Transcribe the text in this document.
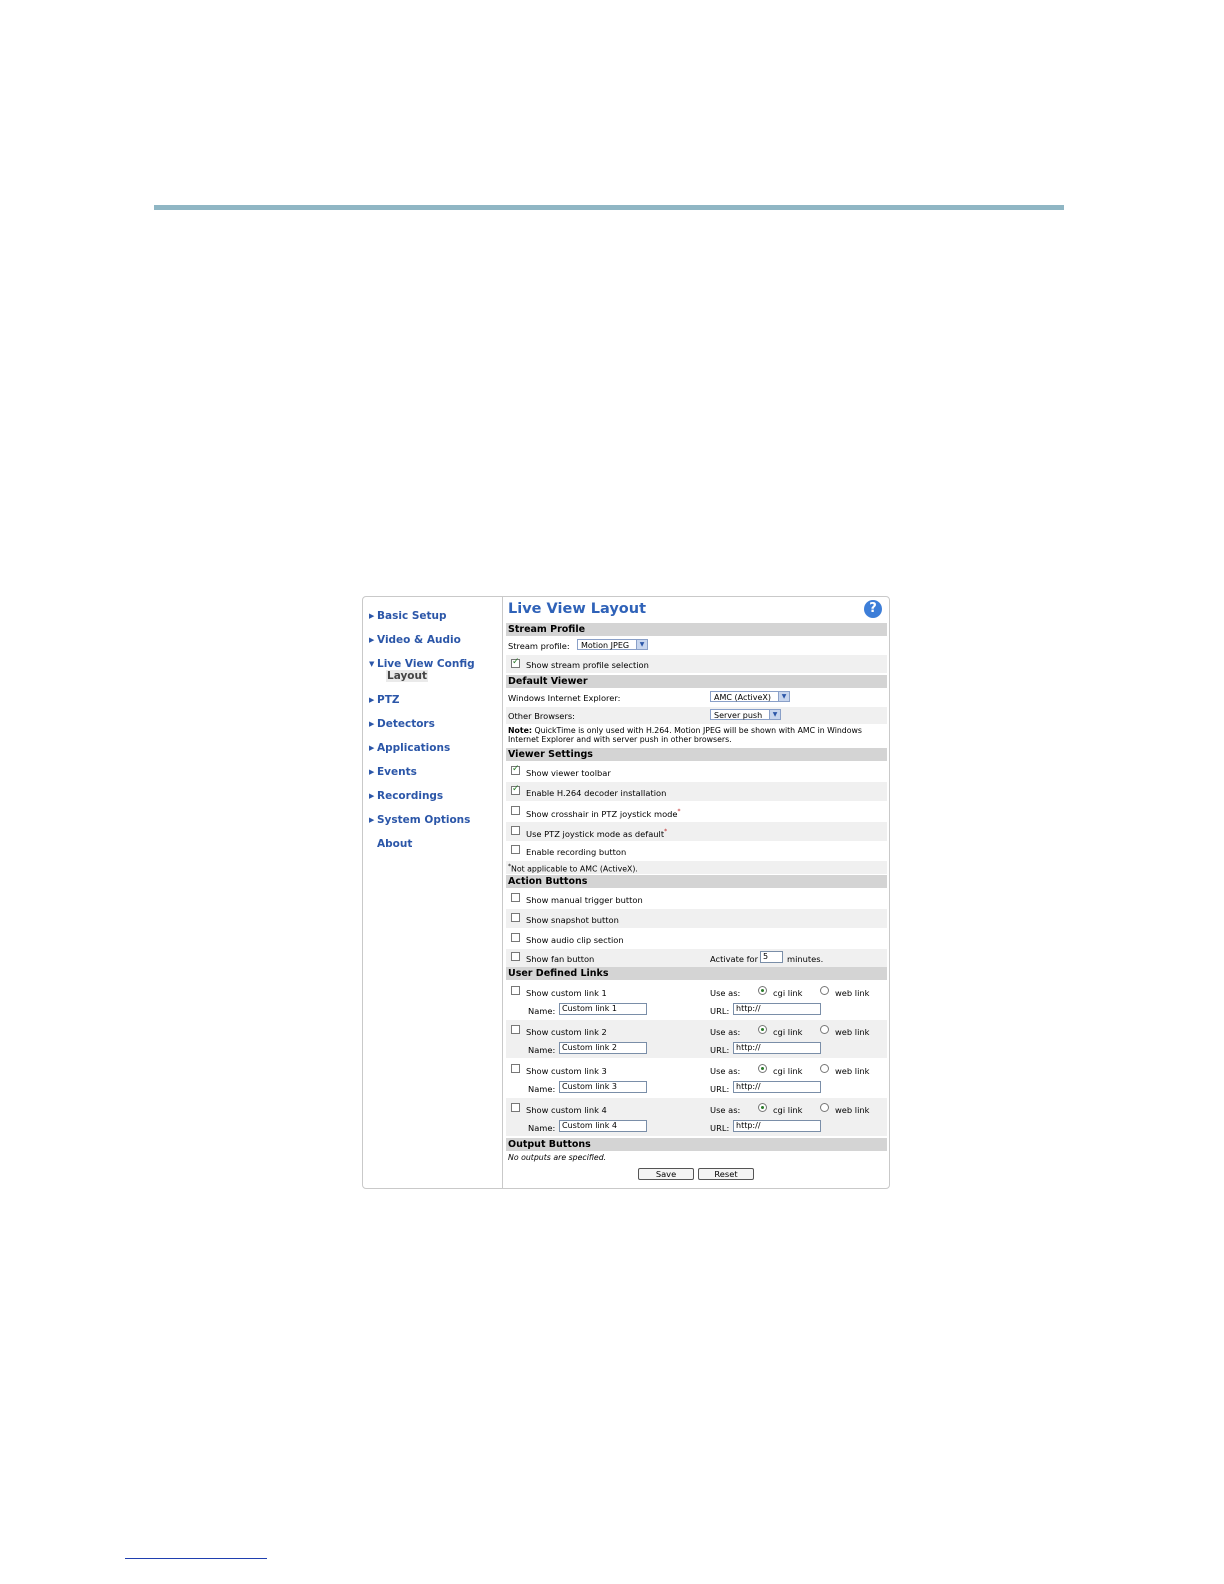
▶ Basic Setup
▶ Video & Audio
▼ Live View Config
Layout
▶ PTZ
▶ Detectors
▶ Applications
▶ Events
▶ Recordings
▶ System Options
About
Live View Layout	?
Stream Profile
Stream profile:	Motion JPEG	▼
✓
Show stream profile selection
Default Viewer
Windows Internet Explorer:	AMC (ActiveX)	▼
Other Browsers:	Server push	▼
Note: QuickTime is only used with H.264. Motion JPEG will be shown with AMC in Windows Internet Explorer and with server push in other browsers.
Viewer Settings
✓
Show viewer toolbar
✓
Enable H.264 decoder installation
Show crosshair in PTZ joystick mode*
Use PTZ joystick mode as default*
Enable recording button
*Not applicable to AMC (ActiveX).
Action Buttons
Show manual trigger button
Show snapshot button
Show audio clip section
Show fan button	Activate for 5	minutes.
User Defined Links
Show custom link 1	Use as:	cgi link	web link
Name: Custom link 1	URL: http://
Show custom link 2	Use as:	cgi link	web link
Name: Custom link 2	URL: http://
Show custom link 3	Use as:	cgi link	web link
Name: Custom link 3	URL: http://
Show custom link 4	Use as:	cgi link	web link
Name: Custom link 4	URL: http://
Output Buttons
No outputs are specified.
Save	Reset
